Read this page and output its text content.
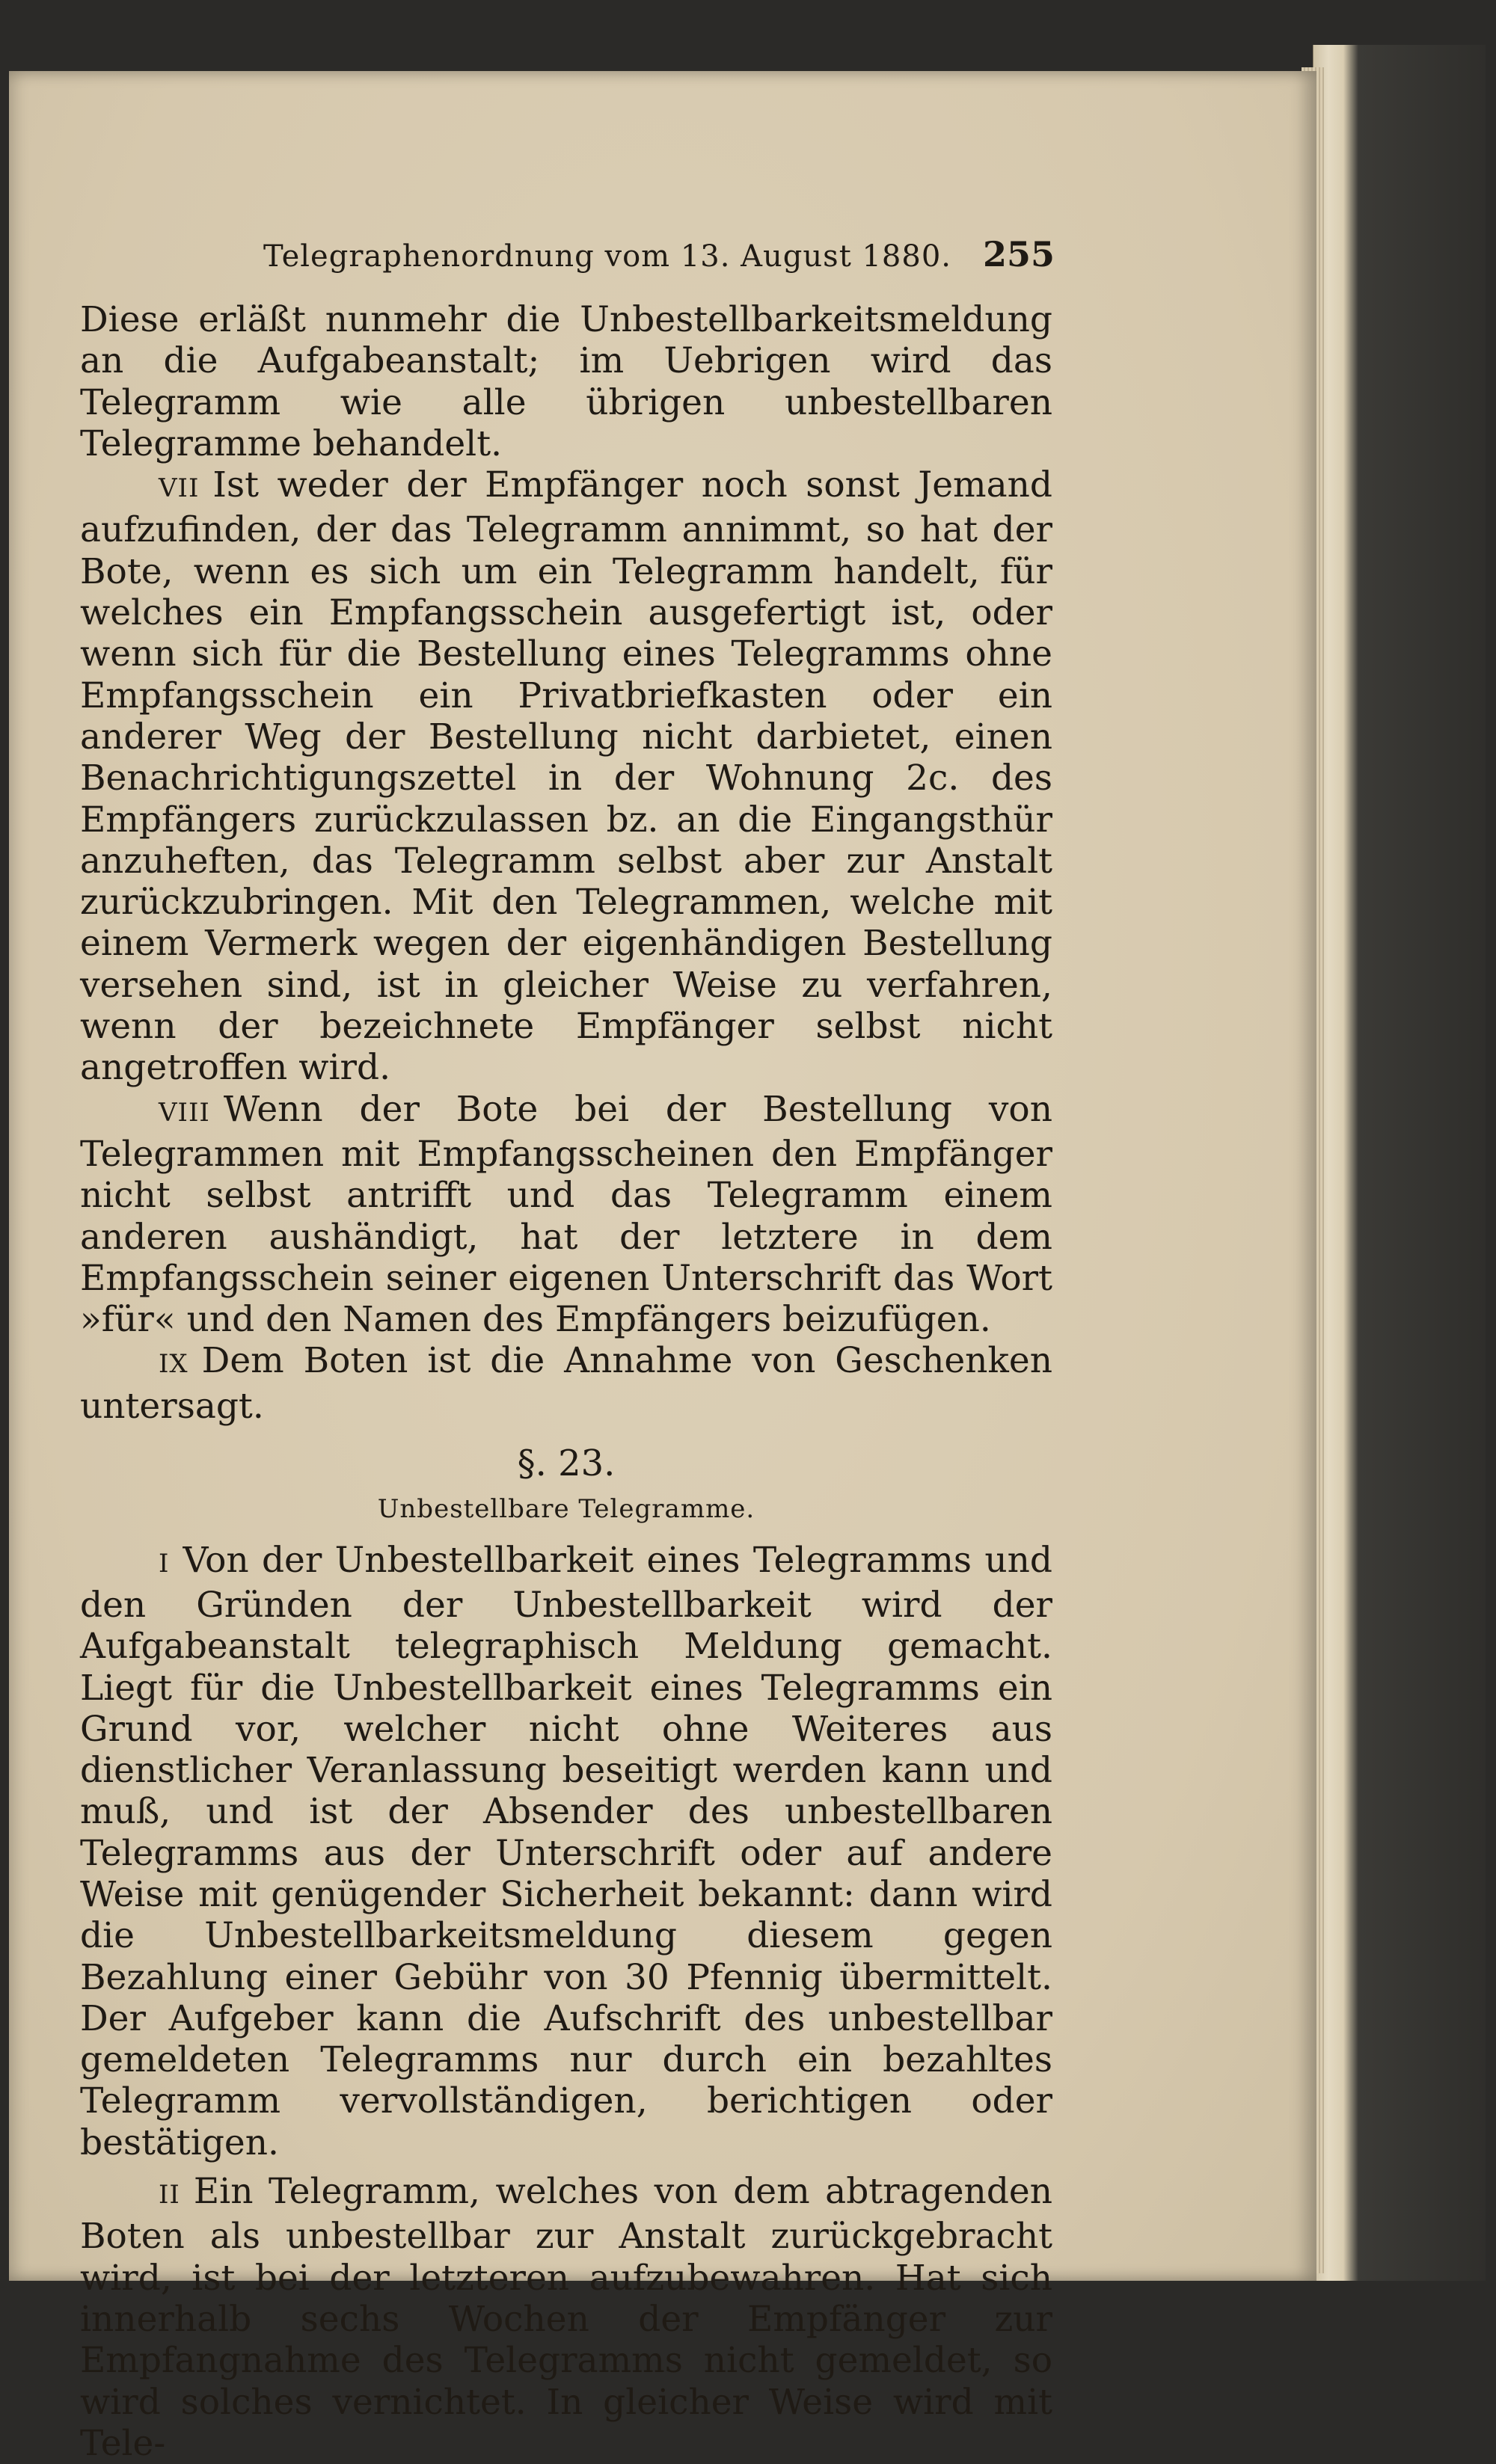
Telegraphenordnung vom 13. August 1880. 255

Diese erläßt nunmehr die Unbestellbarkeitsmeldung an die Aufgabeanstalt; im Uebrigen wird das Telegramm wie alle übrigen unbestellbaren Telegramme behandelt.

VII Ist weder der Empfänger noch sonst Jemand aufzufinden, der das Telegramm annimmt, so hat der Bote, wenn es sich um ein Telegramm handelt, für welches ein Empfangsschein ausgefertigt ist, oder wenn sich für die Bestellung eines Telegramms ohne Empfangsschein ein Privatbriefkasten oder ein anderer Weg der Bestellung nicht darbietet, einen Benachrichtigungszettel in der Wohnung 2c. des Empfängers zurückzulassen bz. an die Eingangsthür anzuheften, das Telegramm selbst aber zur Anstalt zurückzubringen. Mit den Telegrammen, welche mit einem Vermerk wegen der eigenhändigen Bestellung versehen sind, ist in gleicher Weise zu verfahren, wenn der bezeichnete Empfänger selbst nicht angetroffen wird.

VIII Wenn der Bote bei der Bestellung von Telegrammen mit Empfangsscheinen den Empfänger nicht selbst antrifft und das Telegramm einem anderen aushändigt, hat der letztere in dem Empfangsschein seiner eigenen Unterschrift das Wort »für« und den Namen des Empfängers beizufügen.

IX Dem Boten ist die Annahme von Geschenken untersagt.

§. 23.
Unbestellbare Telegramme.

I Von der Unbestellbarkeit eines Telegramms und den Gründen der Unbestellbarkeit wird der Aufgabeanstalt telegraphisch Meldung gemacht. Liegt für die Unbestellbarkeit eines Telegramms ein Grund vor, welcher nicht ohne Weiteres aus dienstlicher Veranlassung beseitigt werden kann und muß, und ist der Absender des unbestellbaren Telegramms aus der Unterschrift oder auf andere Weise mit genügender Sicherheit bekannt: dann wird die Unbestellbarkeitsmeldung diesem gegen Bezahlung einer Gebühr von 30 Pfennig übermittelt. Der Aufgeber kann die Aufschrift des unbestellbar gemeldeten Telegramms nur durch ein bezahltes Telegramm vervollständigen, berichtigen oder bestätigen.

II Ein Telegramm, welches von dem abtragenden Boten als unbestellbar zur Anstalt zurückgebracht wird, ist bei der letzteren aufzubewahren. Hat sich innerhalb sechs Wochen der Empfänger zur Empfangnahme des Telegramms nicht gemeldet, so wird solches vernichtet. In gleicher Weise wird mit Tele-
